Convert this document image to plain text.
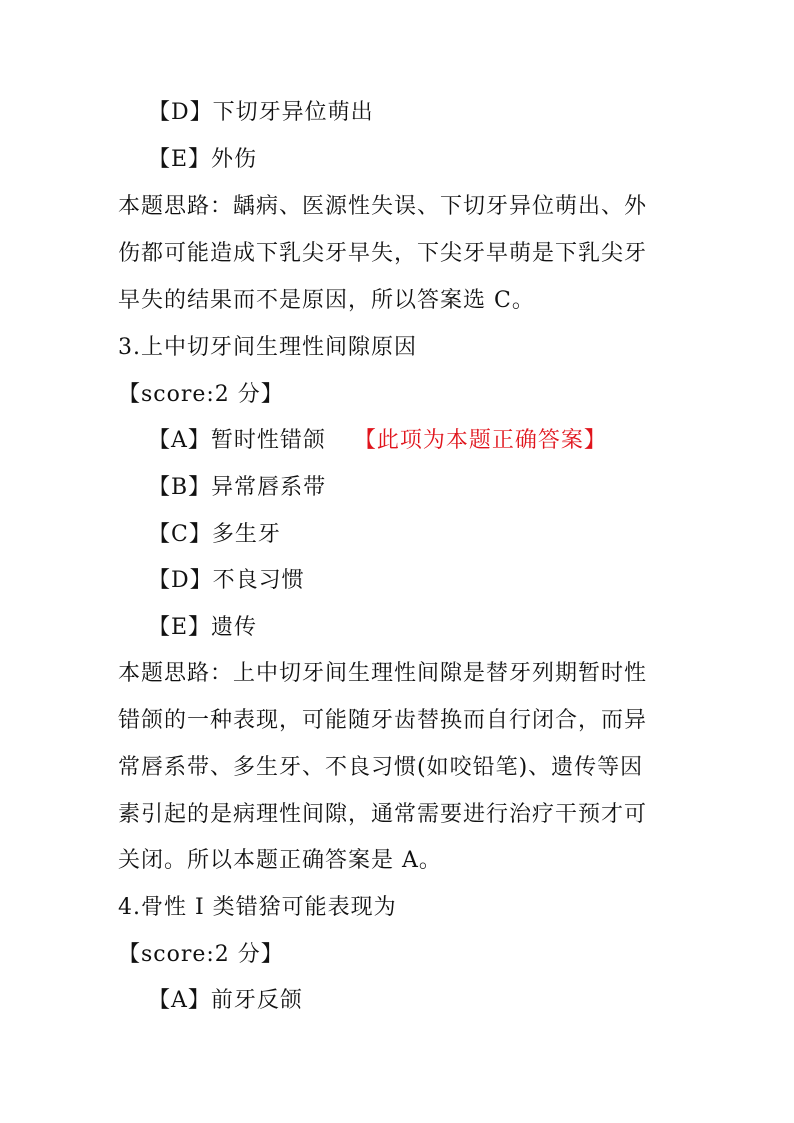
【D】下切牙异位萌出
【E】外伤
本题思路：龋病、医源性失误、下切牙异位萌出、外
伤都可能造成下乳尖牙早失，下尖牙早萌是下乳尖牙
早失的结果而不是原因，所以答案选 C。
3.上中切牙间生理性间隙原因
【score:2 分】
【A】暂时性错颌 【此项为本题正确答案】
【B】异常唇系带
【C】多生牙
【D】不良习惯
【E】遗传
本题思路：上中切牙间生理性间隙是替牙列期暂时性
错颌的一种表现，可能随牙齿替换而自行闭合，而异
常唇系带、多生牙、不良习惯(如咬铅笔)、遗传等因
素引起的是病理性间隙，通常需要进行治疗干预才可
关闭。所以本题正确答案是 A。
4.骨性 I 类错猞可能表现为
【score:2 分】
【A】前牙反颌
